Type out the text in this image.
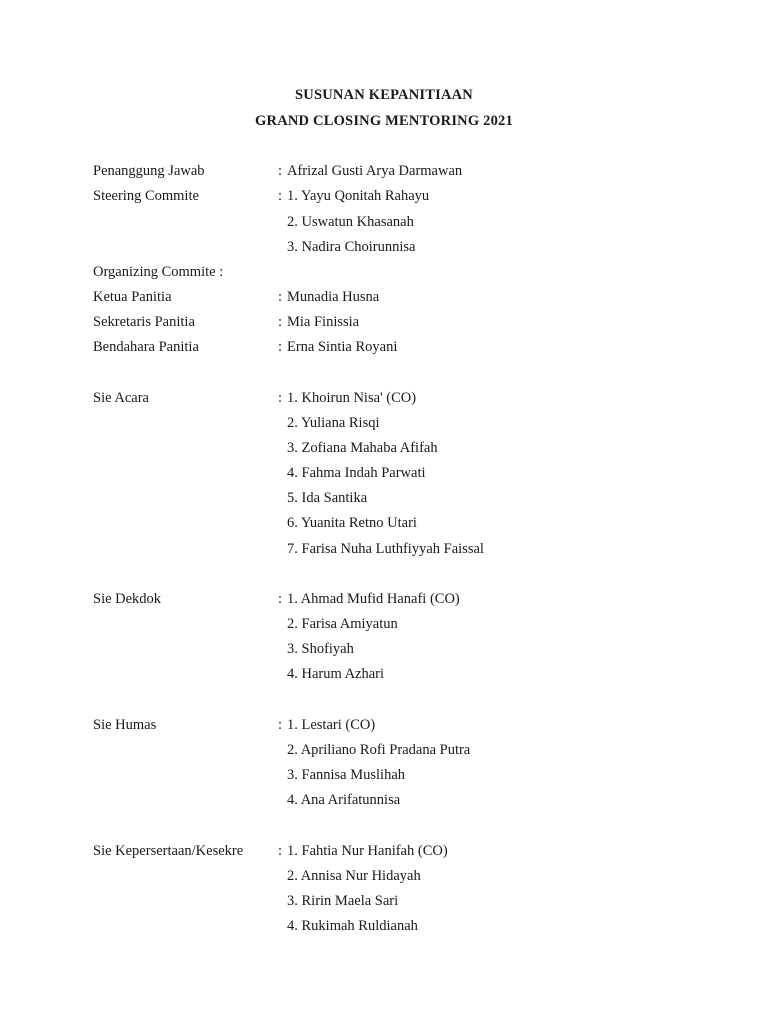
SUSUNAN KEPANITIAAN
GRAND CLOSING MENTORING 2021
Penanggung Jawab	: Afrizal Gusti Arya Darmawan
Steering Commite	: 1. Yayu Qonitah Rahayu
2. Uswatun Khasanah
3. Nadira Choirunnisa
Organizing Commite :
Ketua Panitia	: Munadia Husna
Sekretaris Panitia	: Mia Finissia
Bendahara Panitia	: Erna Sintia Royani
Sie Acara	: 1. Khoirun Nisa' (CO)
2. Yuliana Risqi
3. Zofiana Mahaba Afifah
4. Fahma Indah Parwati
5. Ida Santika
6. Yuanita Retno Utari
7. Farisa Nuha Luthfiyyah Faissal
Sie Dekdok	: 1. Ahmad Mufid Hanafi (CO)
2. Farisa Amiyatun
3. Shofiyah
4. Harum Azhari
Sie Humas	: 1. Lestari (CO)
2. Apriliano Rofi Pradana Putra
3. Fannisa Muslihah
4. Ana Arifatunnisa
Sie Kepersertaan/Kesekre : 1. Fahtia Nur Hanifah (CO)
2. Annisa Nur Hidayah
3. Ririn Maela Sari
4. Rukimah Ruldianah
